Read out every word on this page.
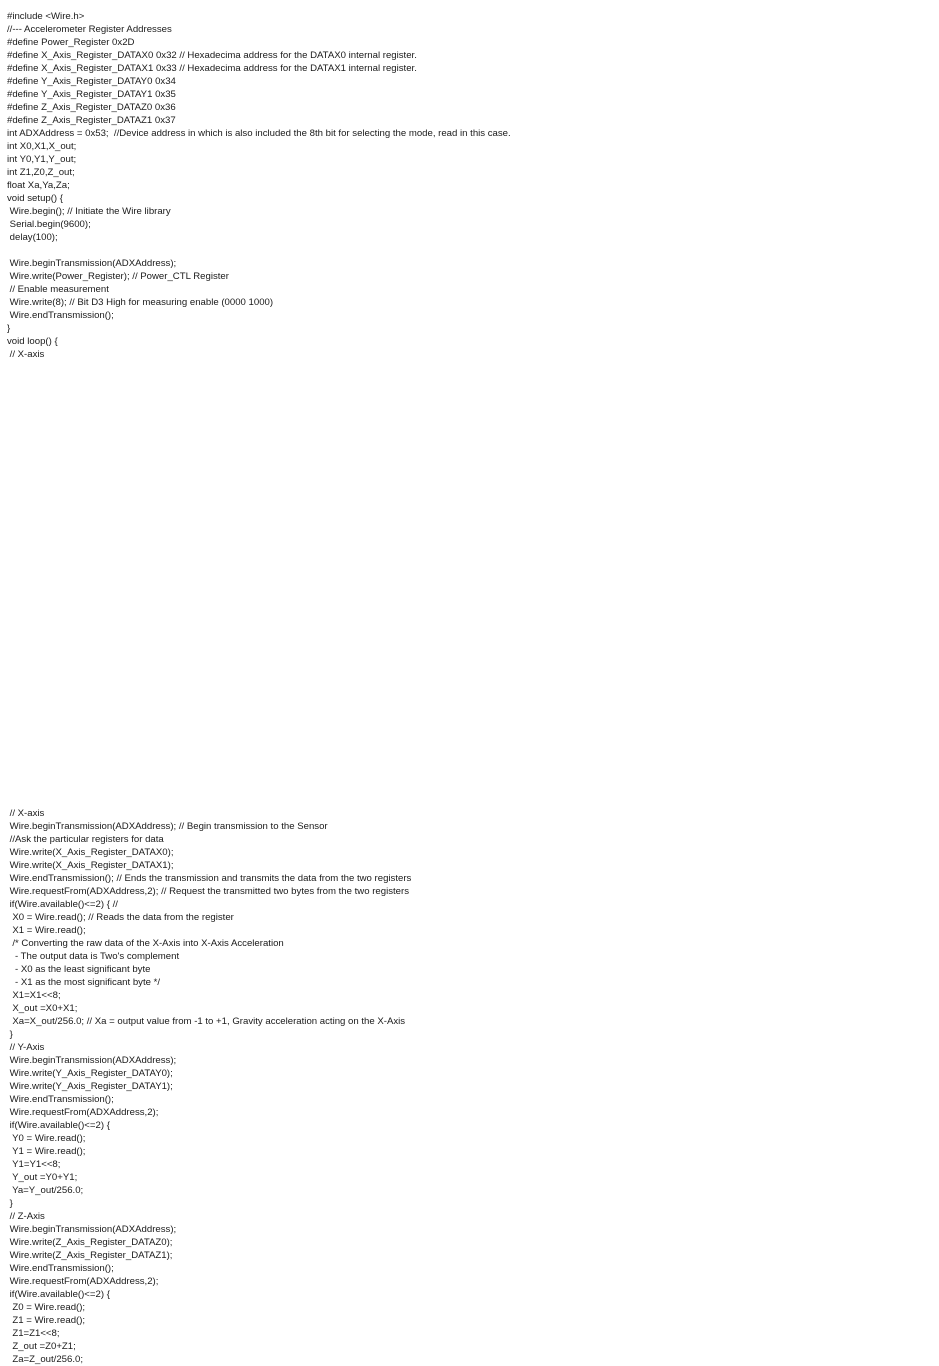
#include <Wire.h>
//--- Accelerometer Register Addresses
#define Power_Register 0x2D
#define X_Axis_Register_DATAX0 0x32 // Hexadecima address for the DATAX0 internal register.
#define X_Axis_Register_DATAX1 0x33 // Hexadecima address for the DATAX1 internal register.
#define Y_Axis_Register_DATAY0 0x34
#define Y_Axis_Register_DATAY1 0x35
#define Z_Axis_Register_DATAZ0 0x36
#define Z_Axis_Register_DATAZ1 0x37
int ADXAddress = 0x53;  //Device address in which is also included the 8th bit for selecting the mode, read in this case.
int X0,X1,X_out;
int Y0,Y1,Y_out;
int Z1,Z0,Z_out;
float Xa,Ya,Za;
void setup() {
Wire.begin(); // Initiate the Wire library
Serial.begin(9600);
delay(100);
Wire.beginTransmission(ADXAddress);
Wire.write(Power_Register); // Power_CTL Register
// Enable measurement
Wire.write(8); // Bit D3 High for measuring enable (0000 1000)
Wire.endTransmission();
}
void loop() {
// X-axis
// X-axis
Wire.beginTransmission(ADXAddress); // Begin transmission to the Sensor
//Ask the particular registers for data
Wire.write(X_Axis_Register_DATAX0);
Wire.write(X_Axis_Register_DATAX1);
Wire.endTransmission(); // Ends the transmission and transmits the data from the two registers
Wire.requestFrom(ADXAddress,2); // Request the transmitted two bytes from the two registers
if(Wire.available()<=2) { //
X0 = Wire.read(); // Reads the data from the register
X1 = Wire.read();
/* Converting the raw data of the X-Axis into X-Axis Acceleration
- The output data is Two's complement
- X0 as the least significant byte
- X1 as the most significant byte */
X1=X1<<8;
X_out =X0+X1;
Xa=X_out/256.0; // Xa = output value from -1 to +1, Gravity acceleration acting on the X-Axis
}
// Y-Axis
Wire.beginTransmission(ADXAddress);
Wire.write(Y_Axis_Register_DATAY0);
Wire.write(Y_Axis_Register_DATAY1);
Wire.endTransmission();
Wire.requestFrom(ADXAddress,2);
if(Wire.available()<=2) {
Y0 = Wire.read();
Y1 = Wire.read();
Y1=Y1<<8;
Y_out =Y0+Y1;
Ya=Y_out/256.0;
}
// Z-Axis
Wire.beginTransmission(ADXAddress);
Wire.write(Z_Axis_Register_DATAZ0);
Wire.write(Z_Axis_Register_DATAZ1);
Wire.endTransmission();
Wire.requestFrom(ADXAddress,2);
if(Wire.available()<=2) {
Z0 = Wire.read();
Z1 = Wire.read();
Z1=Z1<<8;
Z_out =Z0+Z1;
Za=Z_out/256.0;
